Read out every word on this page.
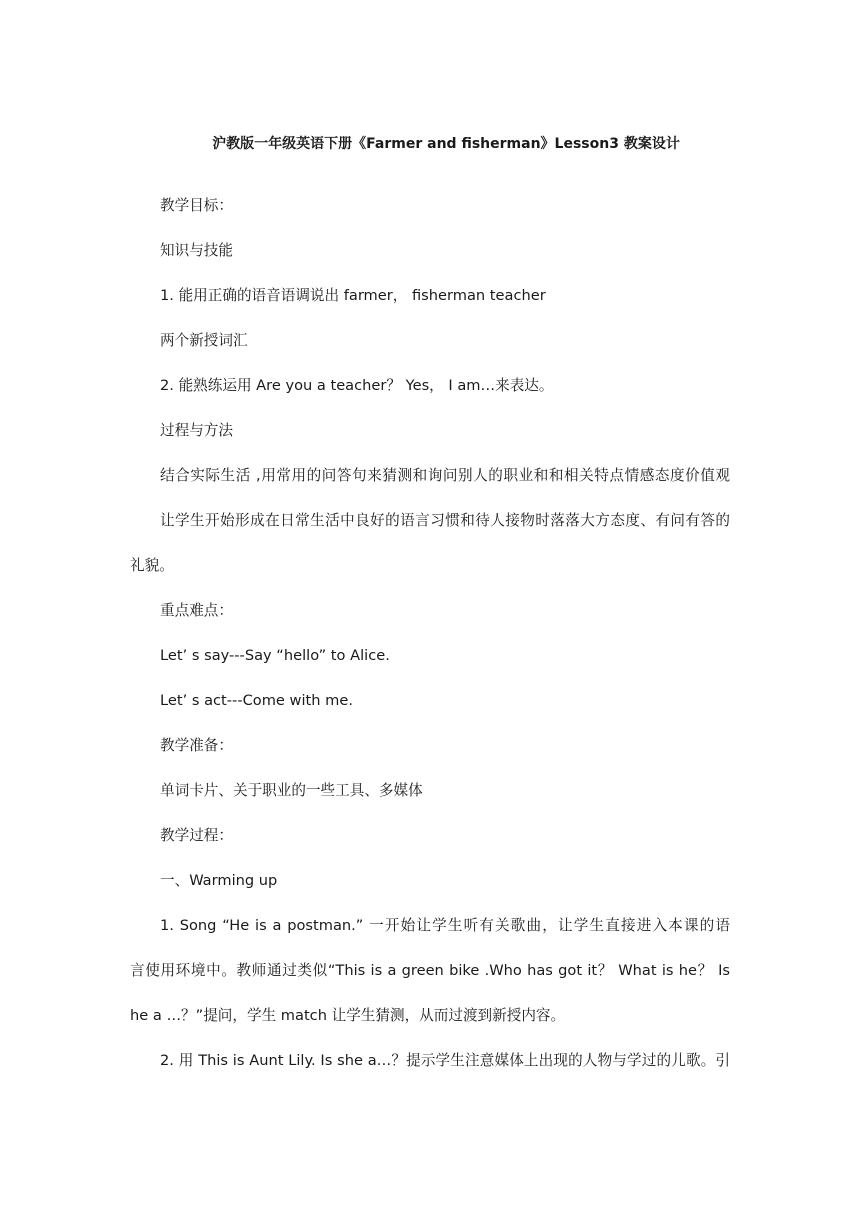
沪教版一年级英语下册《Farmer and fisherman》Lesson3 教案设计
教学目标：
知识与技能
1. 能用正确的语音语调说出 farmer， fisherman teacher
两个新授词汇
2. 能熟练运用 Are you a teacher？ Yes， I am…来表达。
过程与方法
结合实际生活 ,用常用的问答句来猜测和询问别人的职业和和相关特点情感态度价值观
让学生开始形成在日常生活中良好的语言习惯和待人接物时落落大方态度、有问有答的
礼貌。
重点难点：
Let’ s say---Say “hello” to Alice.
Let’ s act---Come with me.
教学准备：
单词卡片、关于职业的一些工具、多媒体
教学过程：
一、Warming up
1. Song “He is a postman.” 一开始让学生听有关歌曲，让学生直接进入本课的语
言使用环境中。教师通过类似“This is a green bike .Who has got it？ What is he？ Is
he a …？”提问，学生 match 让学生猜测，从而过渡到新授内容。
2. 用 This is Aunt Lily. Is she a…？提示学生注意媒体上出现的人物与学过的儿歌。引
